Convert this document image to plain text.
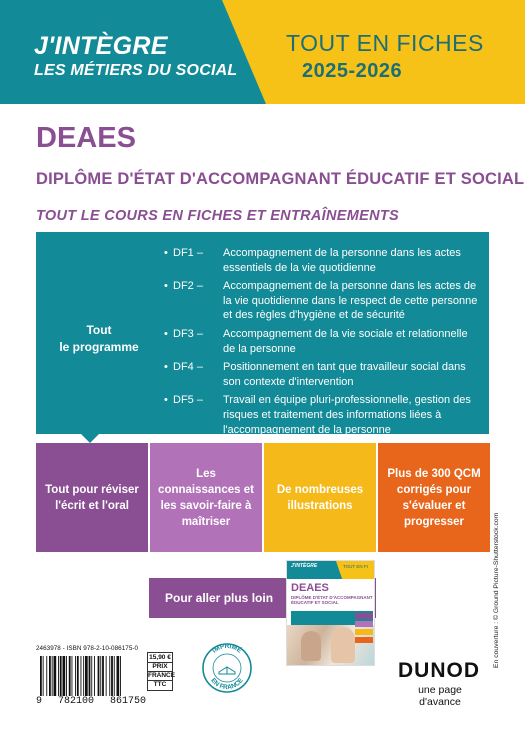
J'INTÈGRE
LES MÉTIERS DU SOCIAL
TOUT EN FICHES
2025-2026
DEAES
DIPLÔME D'ÉTAT D'ACCOMPAGNANT ÉDUCATIF ET SOCIAL
TOUT LE COURS EN FICHES ET ENTRAÎNEMENTS
Tout
le programme
• DF1 –	Accompagnement de la personne dans les actes essentiels de la vie quotidienne
• DF2 –	Accompagnement de la personne dans les actes de la vie quotidienne dans le respect de cette personne et des règles d'hygiène et de sécurité
• DF3 –	Accompagnement de la vie sociale et relationnelle de la personne
• DF4 –	Positionnement en tant que travailleur social dans son contexte d'intervention
• DF5 –	Travail en équipe pluri-professionnelle, gestion des risques et traitement des informations liées à l'accompagnement de la personne
Tout pour réviser l'écrit et l'oral
Les connaissances et les savoir-faire à maîtriser
De nombreuses illustrations
Plus de 300 QCM corrigés pour s'évaluer et progresser
Pour aller plus loin
J'INTÈGRE	TOUT EN FI
DEAES
DIPLÔME D'ÉTAT D'ACCOMPAGNANT ÉDUCATIF ET SOCIAL
2463978 - ISBN 978-2-10-086175-0
9 782100 861750
15,90 €
PRIX
FRANCE
TTC
IMPRIMÉ
EN FRANCE	DUNOD
une page d'avance
En couverture : © Ground Picture-Shutterstock.com
